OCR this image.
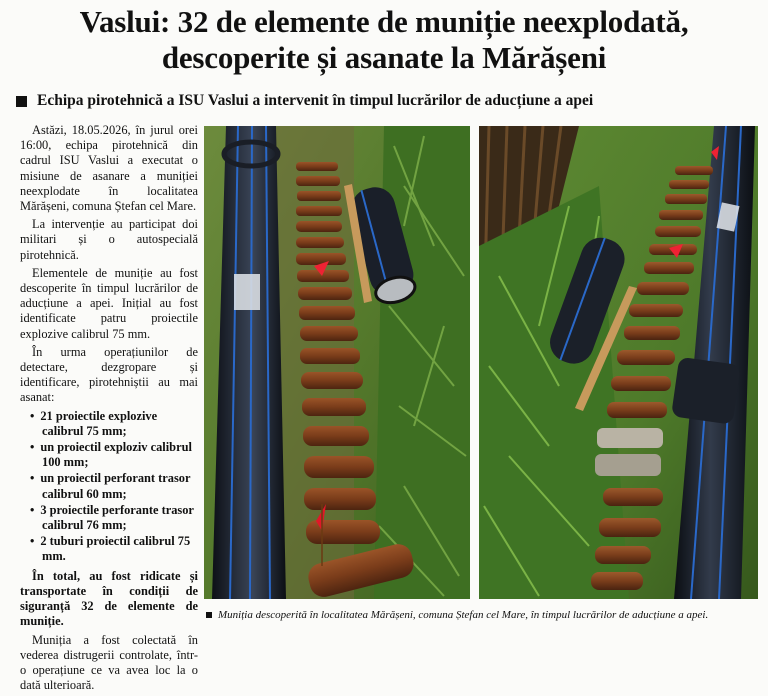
Vaslui: 32 de elemente de muniție neexplodată,
descoperite și asanate la Mărășeni
Echipa pirotehnică a ISU Vaslui a intervenit în timpul lucrărilor de aducțiune a apei

Astăzi, 18.05.2026, în jurul orei 16:00, echipa pirotehnică din cadrul ISU Vaslui a executat o misiune de asanare a muniției neexplodate în localitatea Mărășeni, comuna Ștefan cel Mare.

La intervenție au participat doi militari și o autospecială pirotehnică.

Elementele de muniție au fost descoperite în timpul lucrărilor de aducțiune a apei. Inițial au fost identificate patru proiectile explozive calibrul 75 mm.

În urma operațiunilor de detectare, dezgropare și identificare, pirotehniștii au mai asanat:

• 21 proiectile explozive calibrul 75 mm;
• un proiectil exploziv calibrul 100 mm;
• un proiectil perforant trasor calibrul 60 mm;
• 3 proiectile perforante trasor calibrul 76 mm;
• 2 tuburi proiectil calibrul 75 mm.

În total, au fost ridicate și transportate în condiții de siguranță 32 de elemente de muniție.

Muniția a fost colectată în vederea distrugerii controlate, într-o operațiune ce va avea loc la o dată ulterioară.

Muniția descoperită în localitatea Mărășeni, comuna Ștefan cel Mare, în timpul lucrărilor de aducțiune a apei.
